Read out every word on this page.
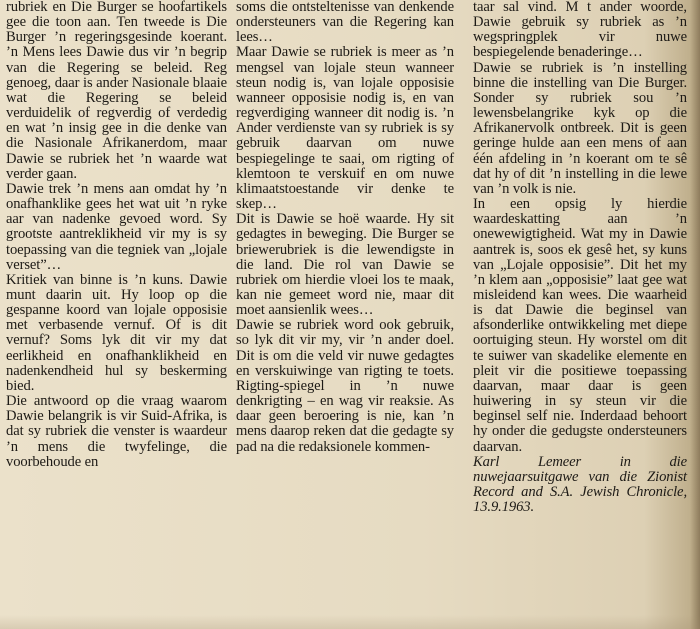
rubriek en Die Burger se hoofartikels gee die toon aan. Ten tweede is Die Burger ’n regeringsgesinde koerant. ’n Mens lees Dawie dus vir ’n begrip van die Regering se beleid. Reg genoeg, daar is ander Nasionale blaaie wat die Regering se beleid verduidelik of regverdig of verdedig en wat ’n insig gee in die denke van die Nasionale Afrikanerdom, maar Dawie se rubriek het ’n waarde wat verder gaan.

Dawie trek ’n mens aan omdat hy ’n onafhanklike gees het wat uit ’n ryke aar van nadenke gevoed word. Sy grootste aantreklikheid vir my is sy toepassing van die tegniek van „lojale verset”…

Kritiek van binne is ’n kuns. Dawie munt daarin uit. Hy loop op die gespanne koord van lojale opposisie met verbasende vernuf. Of is dit vernuf? Soms lyk dit vir my dat eerlikheid en onafhanklikheid en nadenkendheid hul sy beskerming bied.

Die antwoord op die vraag waarom Dawie belangrik is vir Suid-Afrika, is dat sy rubriek die venster is waardeur ’n mens die twyfelinge, die voorbehoude en

soms die ontsteltenisse van denkende ondersteuners van die Regering kan lees…

Maar Dawie se rubriek is meer as ’n mengsel van lojale steun wanneer steun nodig is, van lojale opposisie wanneer opposisie nodig is, en van regverdiging wanneer dit nodig is. ’n Ander verdienste van sy rubriek is sy gebruik daarvan om nuwe bespiegelinge te saai, om rigting of klemtoon te verskuif en om nuwe klimaatstoestande vir denke te skep…

Dit is Dawie se hoë waarde. Hy sit gedagtes in beweging. Die Burger se briewerubriek is die lewendigste in die land. Die rol van Dawie se rubriek om hierdie vloei los te maak, kan nie gemeet word nie, maar dit moet aansienlik wees…

Dawie se rubriek word ook gebruik, so lyk dit vir my, vir ’n ander doel. Dit is om die veld vir nuwe gedagtes en verskuiwinge van rigting te toets. Rigting-spiegel in ’n nuwe denkrigting – en wag vir reaksie. As daar geen beroering is nie, kan ’n mens daarop reken dat die gedagte sy pad na die redaksionele kommen-

taar sal vind. M t ander woorde, Dawie gebruik sy rubriek as ’n wegspringplek vir nuwe bespiegelende benaderinge…

Dawie se rubriek is ’n instelling binne die instelling van Die Burger. Sonder sy rubriek sou ’n lewensbelangrike kyk op die Afrikanervolk ontbreek. Dit is geen geringe hulde aan een mens of aan één afdeling in ’n koerant om te sê dat hy of dit ’n instelling in die lewe van ’n volk is nie.

In een opsig ly hierdie waardeskatting aan ’n onewewigtigheid. Wat my in Dawie aantrek is, soos ek gesê het, sy kuns van „Lojale opposisie”. Dit het my ’n klem aan „opposisie” laat gee wat misleidend kan wees. Die waarheid is dat Dawie die beginsel van afsonderlike ontwikkeling met diepe oortuiging steun. Hy worstel om dit te suiwer van skadelike elemente en pleit vir die positiewe toepassing daarvan, maar daar is geen huiwering in sy steun vir die beginsel self nie. Inderdaad behoort hy onder die gedugste ondersteuners daarvan.

Karl Lemeer in die nuwejaarsuitgawe van die Zionist Record and S.A. Jewish Chronicle, 13.9.1963.
